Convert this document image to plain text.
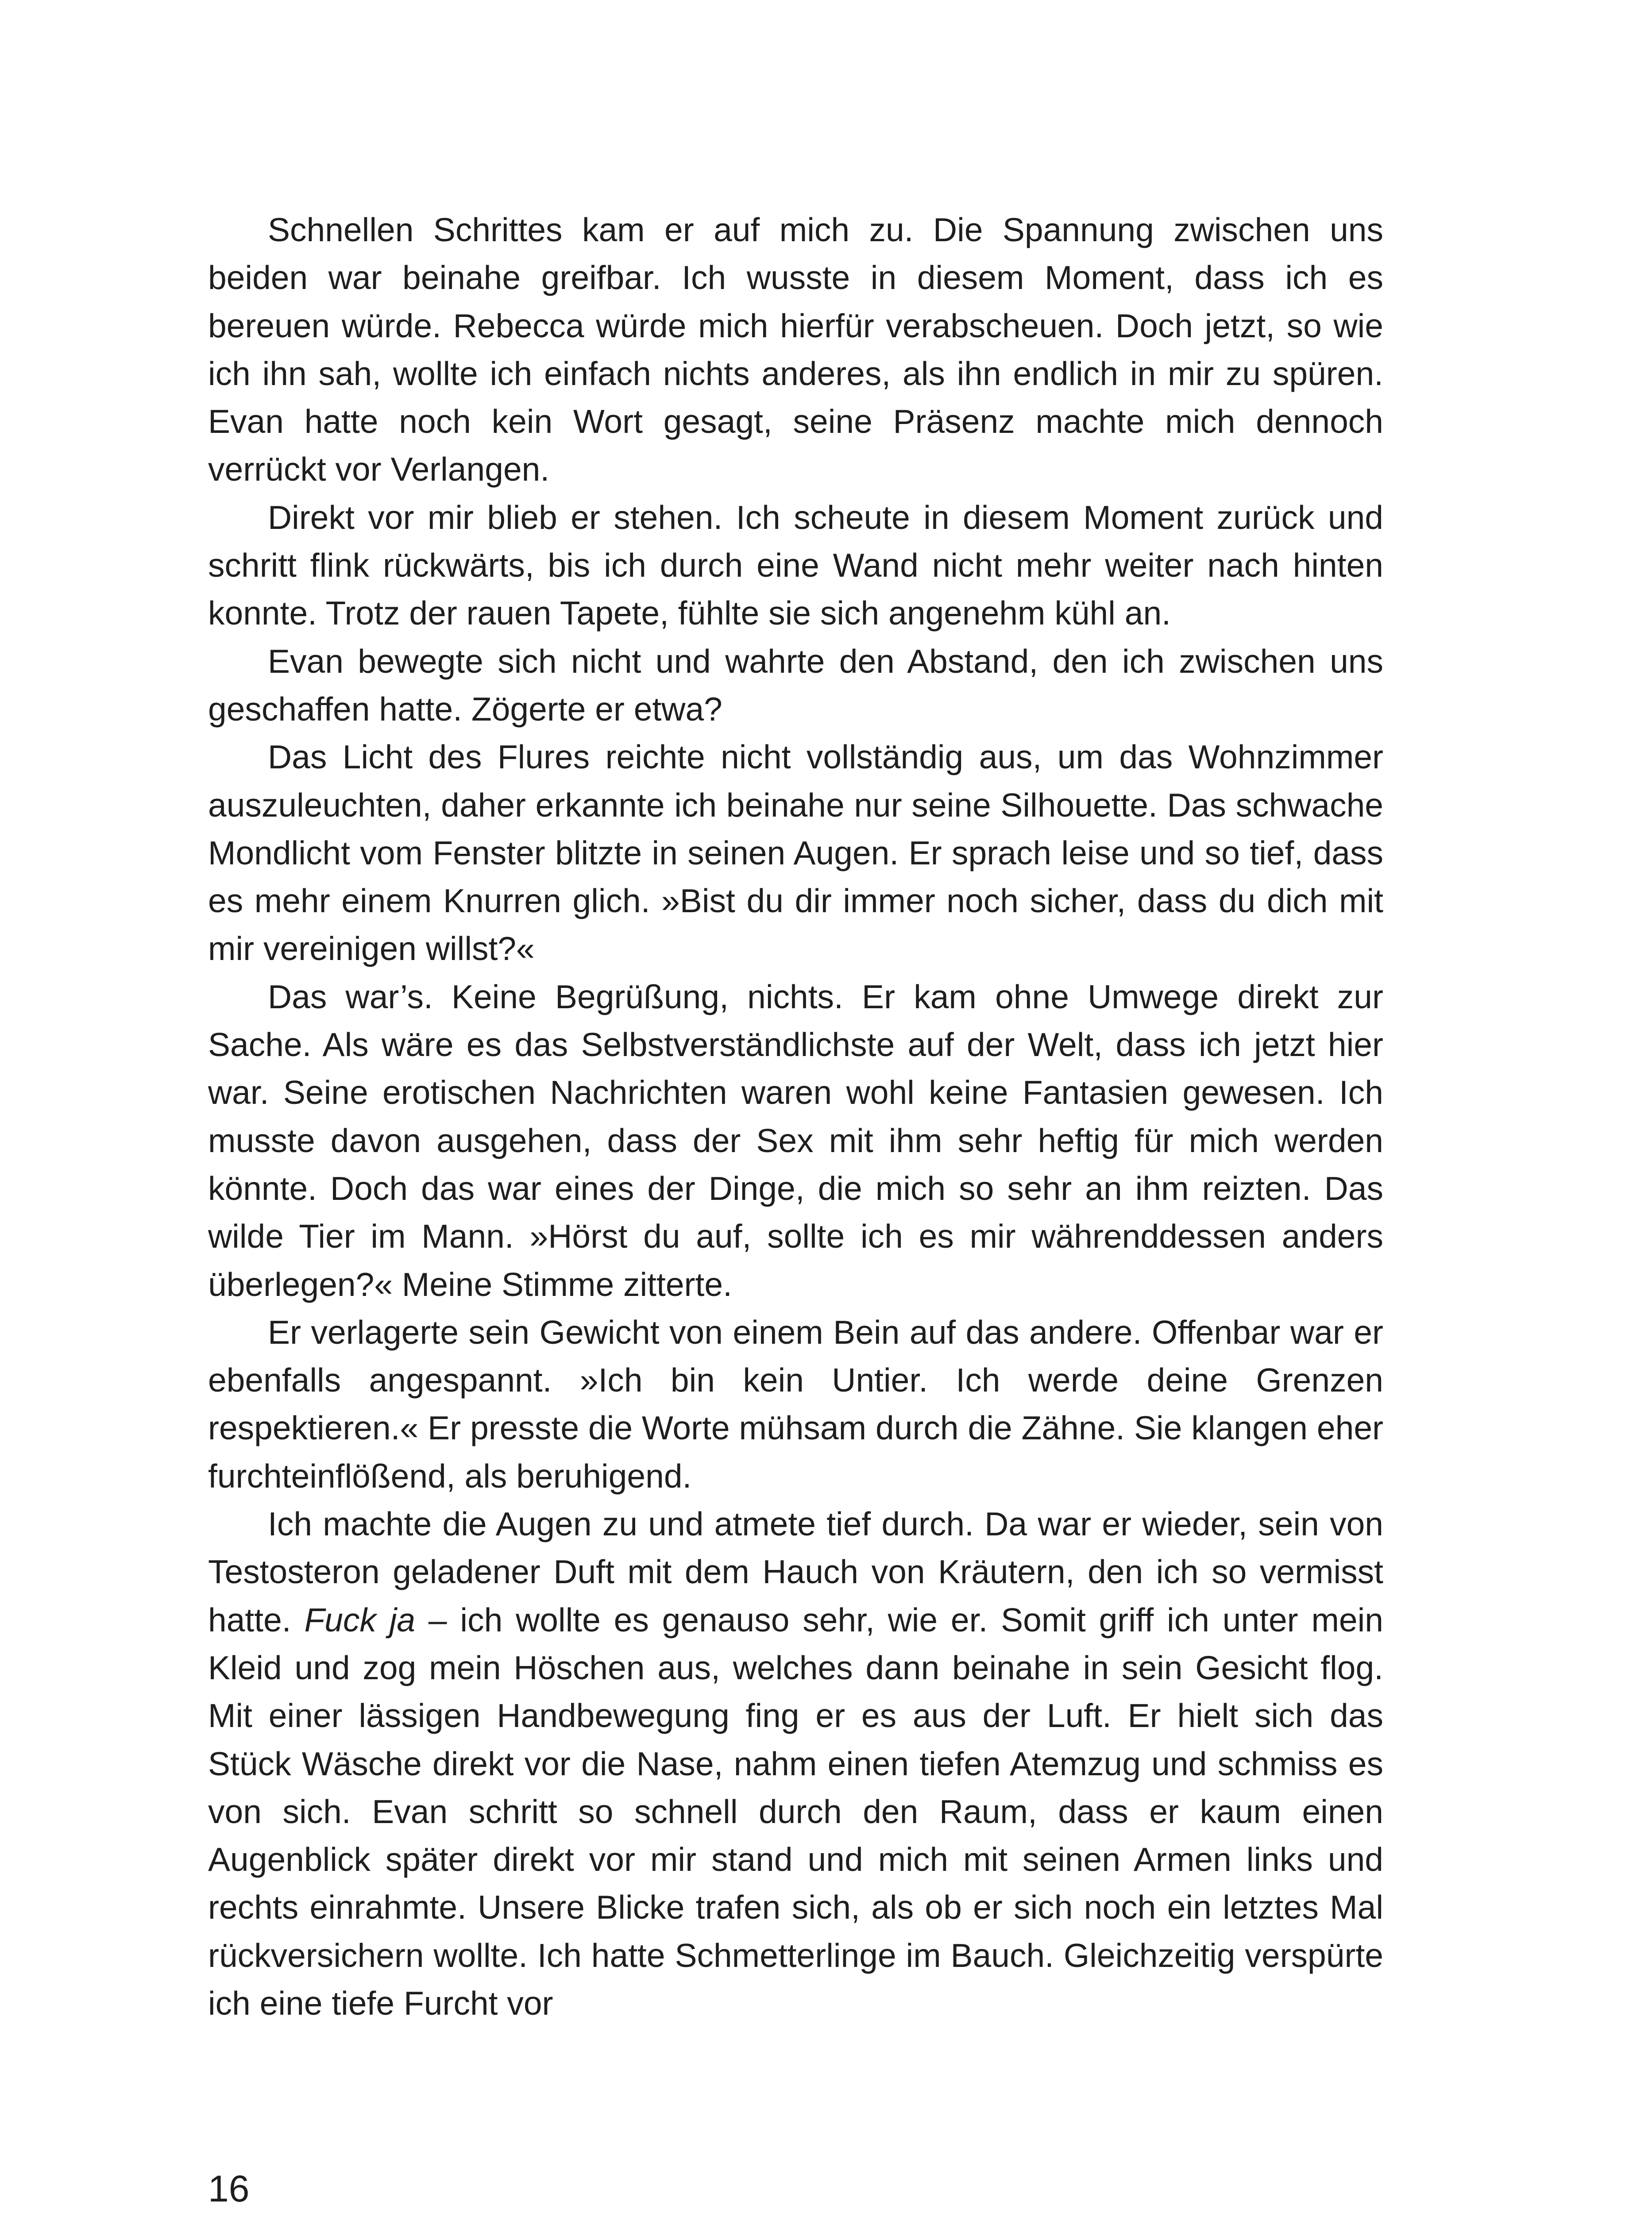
Schnellen Schrittes kam er auf mich zu. Die Spannung zwischen uns beiden war beinahe greifbar. Ich wusste in diesem Moment, dass ich es bereuen würde. Rebecca würde mich hierfür verabscheuen. Doch jetzt, so wie ich ihn sah, wollte ich einfach nichts anderes, als ihn endlich in mir zu spüren. Evan hatte noch kein Wort gesagt, seine Präsenz machte mich dennoch verrückt vor Verlangen.

Direkt vor mir blieb er stehen. Ich scheute in diesem Moment zurück und schritt flink rückwärts, bis ich durch eine Wand nicht mehr weiter nach hinten konnte. Trotz der rauen Tapete, fühlte sie sich angenehm kühl an.

Evan bewegte sich nicht und wahrte den Abstand, den ich zwischen uns geschaffen hatte. Zögerte er etwa?

Das Licht des Flures reichte nicht vollständig aus, um das Wohnzimmer auszuleuchten, daher erkannte ich beinahe nur seine Silhouette. Das schwache Mondlicht vom Fenster blitzte in seinen Augen. Er sprach leise und so tief, dass es mehr einem Knurren glich. »Bist du dir immer noch sicher, dass du dich mit mir vereinigen willst?«

Das war’s. Keine Begrüßung, nichts. Er kam ohne Umwege direkt zur Sache. Als wäre es das Selbstverständlichste auf der Welt, dass ich jetzt hier war. Seine erotischen Nachrichten waren wohl keine Fantasien gewesen. Ich musste davon ausgehen, dass der Sex mit ihm sehr heftig für mich werden könnte. Doch das war eines der Dinge, die mich so sehr an ihm reizten. Das wilde Tier im Mann. »Hörst du auf, sollte ich es mir währenddessen anders überlegen?« Meine Stimme zitterte.

Er verlagerte sein Gewicht von einem Bein auf das andere. Offenbar war er ebenfalls angespannt. »Ich bin kein Untier. Ich werde deine Grenzen respektieren.« Er presste die Worte mühsam durch die Zähne. Sie klangen eher furchteinflößend, als beruhigend.

Ich machte die Augen zu und atmete tief durch. Da war er wieder, sein von Testosteron geladener Duft mit dem Hauch von Kräutern, den ich so vermisst hatte. Fuck ja – ich wollte es genauso sehr, wie er. Somit griff ich unter mein Kleid und zog mein Höschen aus, welches dann beinahe in sein Gesicht flog. Mit einer lässigen Handbewegung fing er es aus der Luft. Er hielt sich das Stück Wäsche direkt vor die Nase, nahm einen tiefen Atemzug und schmiss es von sich. Evan schritt so schnell durch den Raum, dass er kaum einen Augenblick später direkt vor mir stand und mich mit seinen Armen links und rechts einrahmte. Unsere Blicke trafen sich, als ob er sich noch ein letztes Mal rückversichern wollte. Ich hatte Schmetterlinge im Bauch. Gleichzeitig verspürte ich eine tiefe Furcht vor

16
